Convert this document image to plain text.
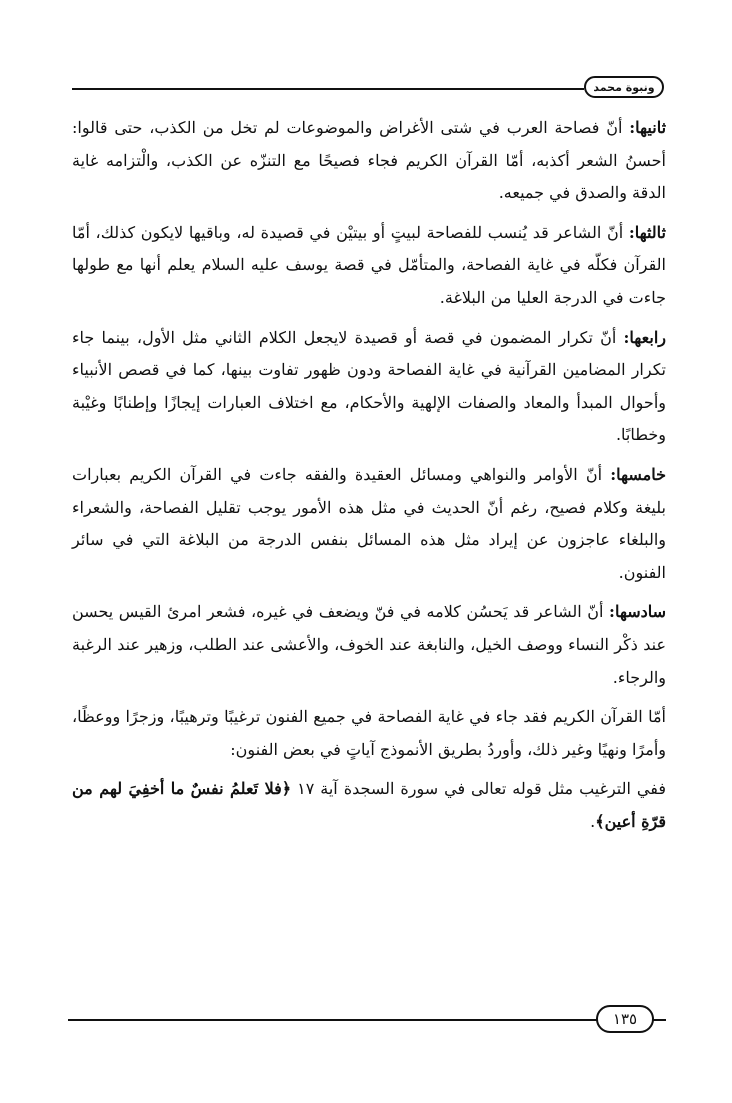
ونبوة محمد

ثانيها: أنّ فصاحة العرب في شتى الأغراض والموضوعات لم تخل من الكذب، حتى قالوا: أحسنُ الشعر أكذبه، أمّا القرآن الكريم فجاء فصيحًا مع التنزّه عن الكذب، والْتزامه غاية الدقة والصدق في جميعه.

ثالثها: أنّ الشاعر قد يُنسب للفصاحة لبيتٍ أو بيتيْن في قصيدة له، وباقيها لايكون كذلك، أمّا القرآن فكلّه في غاية الفصاحة، والمتأمّل في قصة يوسف عليه السلام يعلم أنها مع طولها جاءت في الدرجة العليا من البلاغة.

رابعها: أنّ تكرار المضمون في قصة أو قصيدة لايجعل الكلام الثاني مثل الأول، بينما جاء تكرار المضامين القرآنية في غاية الفصاحة ودون ظهور تفاوت بينها، كما في قصص الأنبياء وأحوال المبدأ والمعاد والصفات الإلهية والأحكام، مع اختلاف العبارات إيجازًا وإطنابًا وغيْبة وخطابًا.

خامسها: أنّ الأوامر والنواهي ومسائل العقيدة والفقه جاءت في القرآن الكريم بعبارات بليغة وكلام فصيح، رغم أنّ الحديث في مثل هذه الأمور يوجب تقليل الفصاحة، والشعراء والبلغاء عاجزون عن إيراد مثل هذه المسائل بنفس الدرجة من البلاغة التي في سائر الفنون.

سادسها: أنّ الشاعر قد يَحسُن كلامه في فنّ ويضعف في غيره، فشعر امرئ القيس يحسن عند ذكْر النساء ووصف الخيل، والنابغة عند الخوف، والأعشى عند الطلب، وزهير عند الرغبة والرجاء.

أمّا القرآن الكريم فقد جاء في غاية الفصاحة في جميع الفنون ترغيبًا وترهيبًا، وزجرًا ووعظًا، وأمرًا ونهيًا وغير ذلك، وأوردُ بطريق الأنموذج آياتٍ في بعض الفنون:

ففي الترغيب مثل قوله تعالى في سورة السجدة آية ١٧ ﴿فلا تَعلمُ نفسٌ ما أخفِيَ لهم من قرّةِ أعين﴾.

١٣٥
